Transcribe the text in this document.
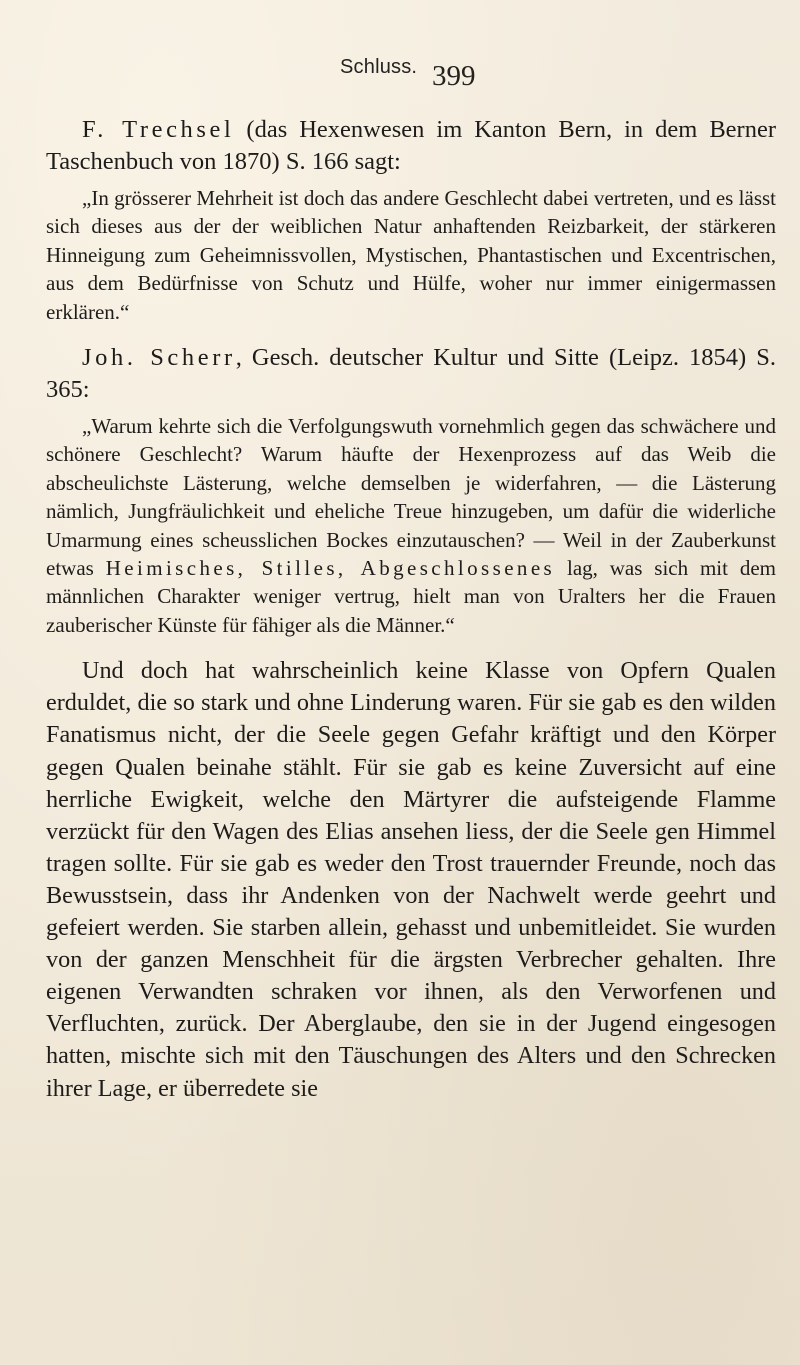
Schluss. 399

F. Trechsel (das Hexenwesen im Kanton Bern, in dem Berner Taschenbuch von 1870) S. 166 sagt:

„In grösserer Mehrheit ist doch das andere Geschlecht dabei vertreten, und es lässt sich dieses aus der der weiblichen Natur anhaftenden Reizbarkeit, der stärkeren Hinneigung zum Geheimnissvollen, Mystischen, Phantastischen und Excentrischen, aus dem Bedürfnisse von Schutz und Hülfe, woher nur immer einigermassen erklären.“

Joh. Scherr, Gesch. deutscher Kultur und Sitte (Leipz. 1854) S. 365:

„Warum kehrte sich die Verfolgungswuth vornehmlich gegen das schwächere und schönere Geschlecht? Warum häufte der Hexenprozess auf das Weib die abscheulichste Lästerung, welche demselben je widerfahren, — die Lästerung nämlich, Jungfräulichkeit und eheliche Treue hinzugeben, um dafür die widerliche Umarmung eines scheusslichen Bockes einzutauschen? — Weil in der Zauberkunst etwas Heimisches, Stilles, Abgeschlossenes lag, was sich mit dem männlichen Charakter weniger vertrug, hielt man von Uralters her die Frauen zauberischer Künste für fähiger als die Männer.“

Und doch hat wahrscheinlich keine Klasse von Opfern Qualen erduldet, die so stark und ohne Linderung waren. Für sie gab es den wilden Fanatismus nicht, der die Seele gegen Gefahr kräftigt und den Körper gegen Qualen beinahe stählt. Für sie gab es keine Zuversicht auf eine herrliche Ewigkeit, welche den Märtyrer die aufsteigende Flamme verzückt für den Wagen des Elias ansehen liess, der die Seele gen Himmel tragen sollte. Für sie gab es weder den Trost trauernder Freunde, noch das Bewusstsein, dass ihr Andenken von der Nachwelt werde geehrt und gefeiert werden. Sie starben allein, gehasst und unbemitleidet. Sie wurden von der ganzen Menschheit für die ärgsten Verbrecher gehalten. Ihre eigenen Verwandten schraken vor ihnen, als den Verworfenen und Verfluchten, zurück. Der Aberglaube, den sie in der Jugend eingesogen hatten, mischte sich mit den Täuschungen des Alters und den Schrecken ihrer Lage, er überredete sie
